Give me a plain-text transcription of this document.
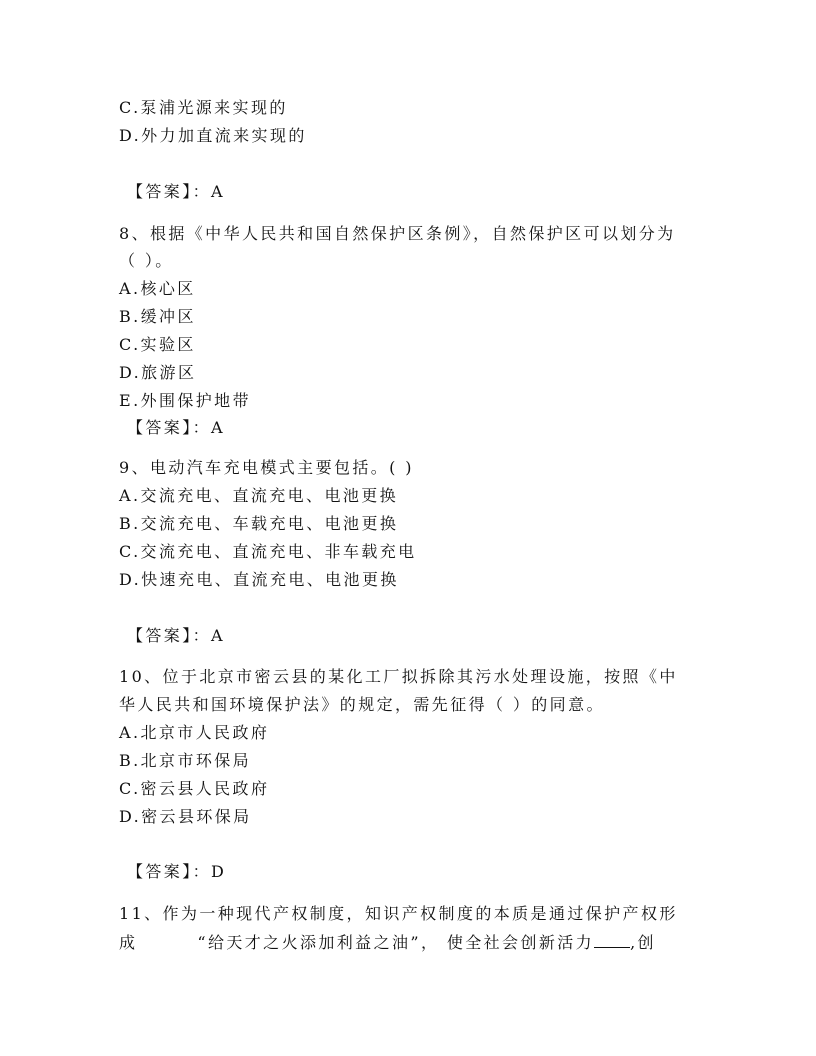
C.泵浦光源来实现的
D.外力加直流来实现的
【答案】：A
8、根据《中华人民共和国自然保护区条例》，自然保护区可以划分为
（ ）。
A.核心区
B.缓冲区
C.实验区
D.旅游区
E.外围保护地带
【答案】：A
9、电动汽车充电模式主要包括。( )
A.交流充电、直流充电、电池更换
B.交流充电、车载充电、电池更换
C.交流充电、直流充电、非车载充电
D.快速充电、直流充电、电池更换
【答案】：A
10、位于北京市密云县的某化工厂拟拆除其污水处理设施，按照《中
华人民共和国环境保护法》的规定，需先征得（ ）的同意。
A.北京市人民政府
B.北京市环保局
C.密云县人民政府
D.密云县环保局
【答案】：D
11、作为一种现代产权制度，知识产权制度的本质是通过保护产权形
成	“给天才之火添加利益之油”， 使全社会创新活力 ,创
